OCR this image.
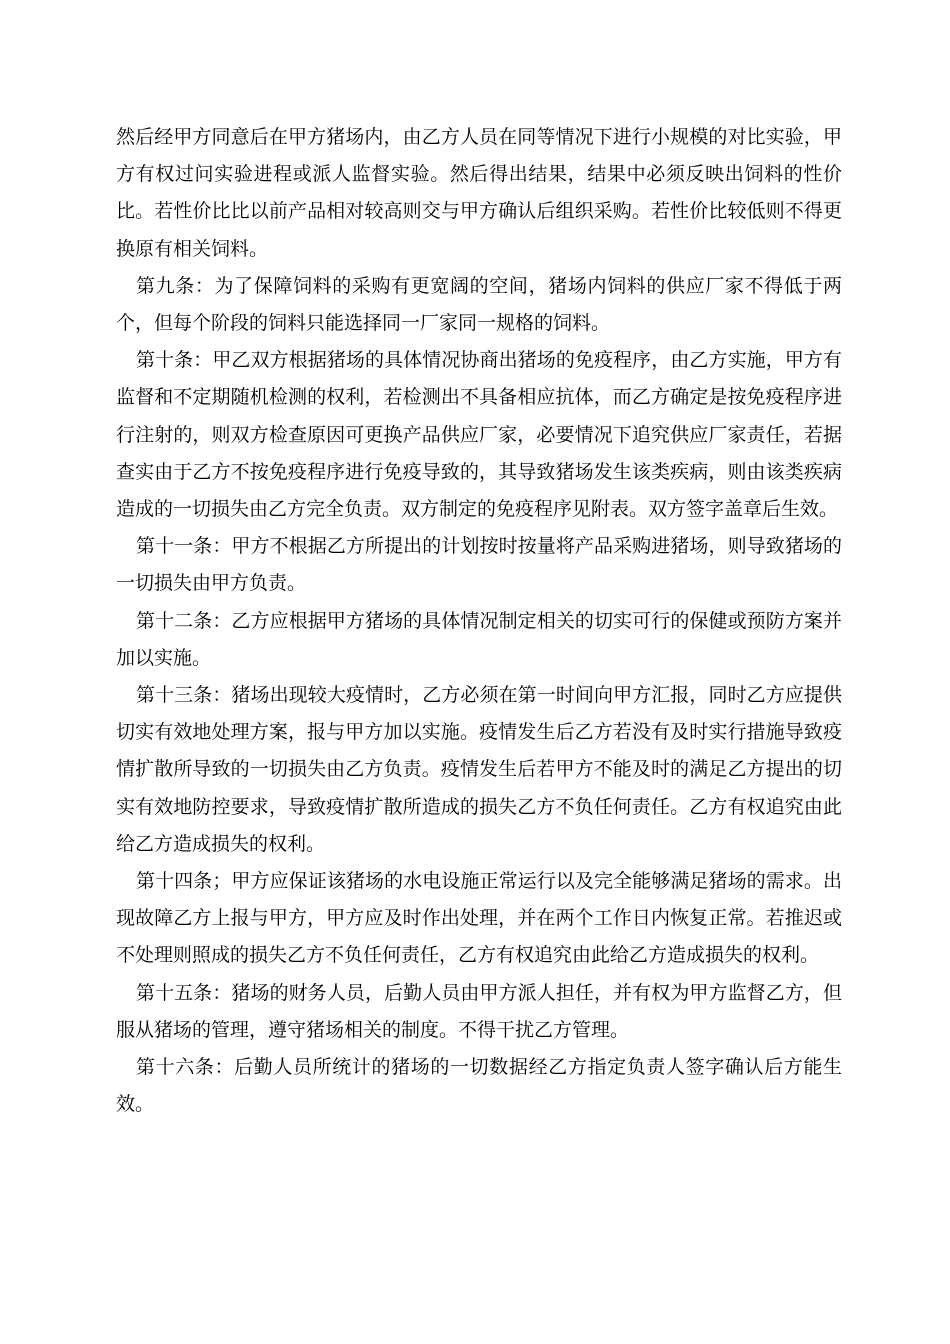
然后经甲方同意后在甲方猪场内，由乙方人员在同等情况下进行小规模的对比实验，甲方有权过问实验进程或派人监督实验。然后得出结果，结果中必须反映出饲料的性价比。若性价比比以前产品相对较高则交与甲方确认后组织采购。若性价比较低则不得更换原有相关饲料。

第九条：为了保障饲料的采购有更宽阔的空间，猪场内饲料的供应厂家不得低于两个，但每个阶段的饲料只能选择同一厂家同一规格的饲料。

第十条：甲乙双方根据猪场的具体情况协商出猪场的免疫程序，由乙方实施，甲方有监督和不定期随机检测的权利，若检测出不具备相应抗体，而乙方确定是按免疫程序进行注射的，则双方检查原因可更换产品供应厂家，必要情况下追究供应厂家责任，若据查实由于乙方不按免疫程序进行免疫导致的，其导致猪场发生该类疾病，则由该类疾病造成的一切损失由乙方完全负责。双方制定的免疫程序见附表。双方签字盖章后生效。

第十一条：甲方不根据乙方所提出的计划按时按量将产品采购进猪场，则导致猪场的一切损失由甲方负责。

第十二条：乙方应根据甲方猪场的具体情况制定相关的切实可行的保健或预防方案并加以实施。

第十三条：猪场出现较大疫情时，乙方必须在第一时间向甲方汇报，同时乙方应提供切实有效地处理方案，报与甲方加以实施。疫情发生后乙方若没有及时实行措施导致疫情扩散所导致的一切损失由乙方负责。疫情发生后若甲方不能及时的满足乙方提出的切实有效地防控要求，导致疫情扩散所造成的损失乙方不负任何责任。乙方有权追究由此给乙方造成损失的权利。

第十四条；甲方应保证该猪场的水电设施正常运行以及完全能够满足猪场的需求。出现故障乙方上报与甲方，甲方应及时作出处理，并在两个工作日内恢复正常。若推迟或不处理则照成的损失乙方不负任何责任，乙方有权追究由此给乙方造成损失的权利。

第十五条：猪场的财务人员，后勤人员由甲方派人担任，并有权为甲方监督乙方，但服从猪场的管理，遵守猪场相关的制度。不得干扰乙方管理。

第十六条：后勤人员所统计的猪场的一切数据经乙方指定负责人签字确认后方能生效。
